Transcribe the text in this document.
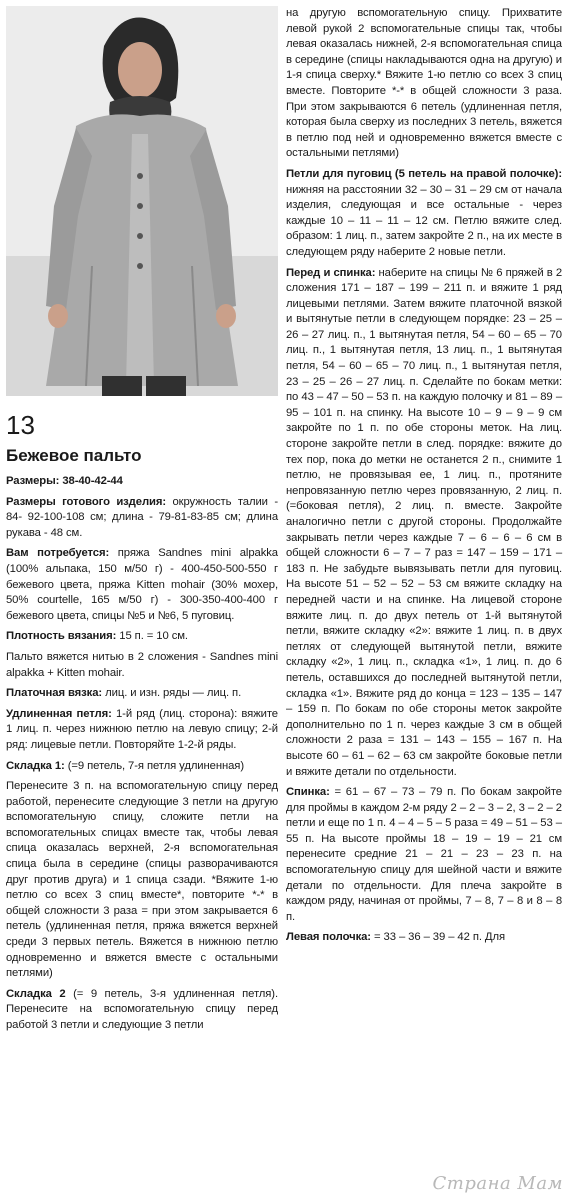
13
Бежевое пальто

Размеры: 38-40-42-44

Размеры готового изделия: окружность талии - 84- 92-100-108 см; длина - 79-81-83-85 см; длина рукава - 48 см.

Вам потребуется: пряжа Sandnes mini alpakka (100% альпака, 150 м/50 г) - 400-450-500-550 г бежевого цвета, пряжа Kitten mohair (30% мохер, 50% courtelle, 165 м/50 г) - 300-350-400-400 г бежевого цвета, спицы №5 и №6, 5 пуговиц.

Плотность вязания: 15 п. = 10 см.

Пальто вяжется нитью в 2 сложения - Sandnes mini alpakka + Kitten mohair.

Платочная вязка: лиц. и изн. ряды — лиц. п.

Удлиненная петля: 1-й ряд (лиц. сторона): вяжите 1 лиц. п. через нижнюю петлю на левую спицу; 2-й ряд: лицевые петли. Повторяйте 1-2-й ряды.

Складка 1: (=9 петель, 7-я петля удлиненная)

Перенесите 3 п. на вспомогательную спицу перед работой, перенесите следующие 3 петли на другую вспомогательную спицу, сложите петли на вспомогательных спицах вместе так, чтобы левая спица оказалась верхней, 2-я вспомогательная спица была в середине (спицы разворачиваются друг против друга) и 1 спица сзади. *Вяжите 1-ю петлю со всех 3 спиц вместе*, повторите *-* в общей сложности 3 раза = при этом закрывается 6 петель (удлиненная петля, пряжа вяжется верхней среди 3 первых петель. Вяжется в нижнюю петлю одновременно и вяжется вместе с остальными петлями)

Складка 2 (= 9 петель, 3-я удлиненная петля). Перенесите на вспомогательную спицу перед работой 3 петли и следующие 3 петли

на другую вспомогательную спицу. Прихватите левой рукой 2 вспомогательные спицы так, чтобы левая оказалась нижней, 2-я вспомогательная спица в середине (спицы накладываются одна на другую) и 1-я спица сверху.* Вяжите 1-ю петлю со всех 3 спиц вместе. Повторите *-* в общей сложности 3 раза. При этом закрываются 6 петель (удлиненная петля, которая была сверху из последних 3 петель, вяжется в петлю под ней и одновременно вяжется вместе с остальными петлями)

Петли для пуговиц (5 петель на правой полочке): нижняя на расстоянии 32 – 30 – 31 – 29 см от начала изделия, следующая и все остальные - через каждые 10 – 11 – 11 – 12 см. Петлю вяжите след. образом: 1 лиц. п., затем закройте 2 п., на их месте в следующем ряду наберите 2 новые петли.

Перед и спинка: наберите на спицы № 6 пряжей в 2 сложения 171 – 187 – 199 – 211 п. и вяжите 1 ряд лицевыми петлями. Затем вяжите платочной вязкой и вытянутые петли в следующем порядке: 23 – 25 – 26 – 27 лиц. п., 1 вытянутая петля, 54 – 60 – 65 – 70 лиц. п., 1 вытянутая петля, 13 лиц. п., 1 вытянутая петля, 54 – 60 – 65 – 70 лиц. п., 1 вытянутая петля, 23 – 25 – 26 – 27 лиц. п. Сделайте по бокам метки: по 43 – 47 – 50 – 53 п. на каждую полочку и 81 – 89 – 95 – 101 п. на спинку. На высоте 10 – 9 – 9 – 9 см закройте по 1 п. по обе стороны меток. На лиц. стороне закройте петли в след. порядке: вяжите до тех пор, пока до метки не останется 2 п., снимите 1 петлю, не провязывая ее, 1 лиц. п., протяните непровязанную петлю через провязанную, 2 лиц. п. (=боковая петля), 2 лиц. п. вместе. Закройте аналогично петли с другой стороны. Продолжайте закрывать петли через каждые 7 – 6 – 6 – 6 см в общей сложности 6 – 7 – 7 раз = 147 – 159 – 171 – 183 п. Не забудьте вывязывать петли для пуговиц. На высоте 51 – 52 – 52 – 53 см вяжите складку на передней части и на спинке. На лицевой стороне вяжите лиц. п. до двух петель от 1-й вытянутой петли, вяжите складку «2»: вяжите 1 лиц. п. в двух петлях от следующей вытянутой петли, вяжите складку «2», 1 лиц. п., складка «1», 1 лиц. п. до 6 петель, оставшихся до последней вытянутой петли, складка «1». Вяжите ряд до конца = 123 – 135 – 147 – 159 п. По бокам по обе стороны меток закройте дополнительно по 1 п. через каждые 3 см в общей сложности 2 раза = 131 – 143 – 155 – 167 п. На высоте 60 – 61 – 62 – 63 см закройте боковые петли и вяжите детали по отдельности.

Спинка: = 61 – 67 – 73 – 79 п. По бокам закройте для проймы в каждом 2-м ряду 2 – 2 – 3 – 2, 3 – 2 – 2 петли и еще по 1 п. 4 – 4 – 5 – 5 раза = 49 – 51 – 53 – 55 п. На высоте проймы 18 – 19 – 19 – 21 см перенесите средние 21 – 21 – 23 – 23 п. на вспомогательную спицу для шейной части и вяжите детали по отдельности. Для плеча закройте в каждом ряду, начиная от проймы, 7 – 8, 7 – 8 и 8 – 8 п.

Левая полочка: = 33 – 36 – 39 – 42 п. Для

Страна Мам
